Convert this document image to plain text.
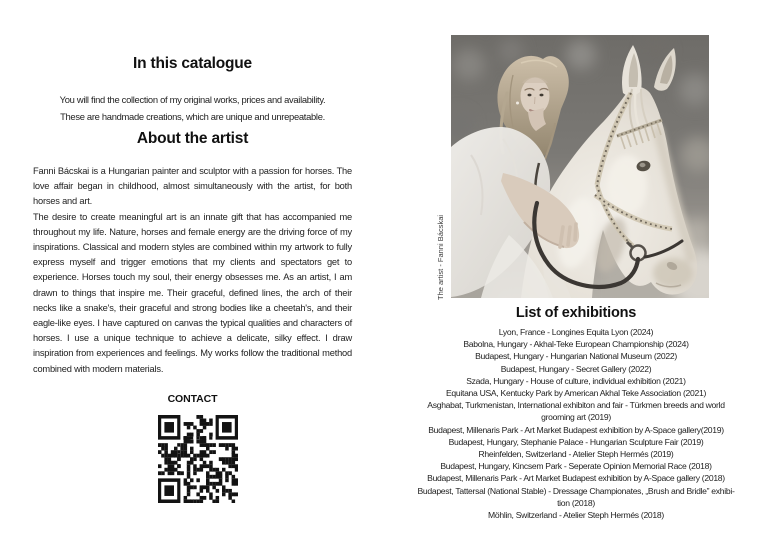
In this catalogue
You will find the collection of my original works, prices and availability.
These are handmade creations, which are unique and unrepeatable.
About the artist

Fanni Bácskai is a Hungarian painter and sculptor with a passion for horses. The love affair began in childhood, almost simultaneously with the artist, for both horses and art.

The desire to create meaningful art is an innate gift that has accompanied me throughout my life. Nature, horses and female energy are the driving force of my inspirations. Classical and modern styles are combined within my artwork to fully express myself and trigger emotions that my clients and spectators get to experience. Horses touch my soul, their energy obsesses me. As an artist, I am drawn to things that inspire me. Their graceful, defined lines, the arch of their necks like a snake's, their graceful and strong bodies like a cheetah's, and their eagle-like eyes. I have captured on canvas the typical qualities and characters of horses. I use a unique technique to achieve a delicate, silky effect. I draw inspiration from experiences and feelings. My works follow the traditional method combined with modern materials.

CONTACT
The artist - Fanni Bácskai
List of exhibitions
Lyon, France - Longines Equita Lyon (2024)
Babolna, Hungary - Akhal-Teke European Championship (2024)
Budapest, Hungary - Hungarian National Museum (2022)
Budapest, Hungary - Secret Gallery (2022)
Szada, Hungary - House of culture, individual exhibition (2021)
Equitana USA, Kentucky Park by American Akhal Teke Association (2021)
Asghabat, Turkmenistan, International exhibiton and fair - Türkmen breeds and world
grooming art (2019)
Budapest, Millenaris Park - Art Market Budapest exhibition by A-Space gallery(2019)
Budapest, Hungary, Stephanie Palace - Hungarian Sculpture Fair (2019)
Rheinfelden, Switzerland - Atelier Steph Hermés (2019)
Budapest, Hungary, Kincsem Park - Seperate Opinion Memorial Race (2018)
Budapest, Millenaris Park - Art Market Budapest exhibition by A-Space gallery (2018)
Budapest, Tattersal (National Stable) - Dressage Championates, „Brush and Bridle” exhibi-
tion (2018)
Möhlin, Switzerland - Atelier Steph Hermés (2018)
